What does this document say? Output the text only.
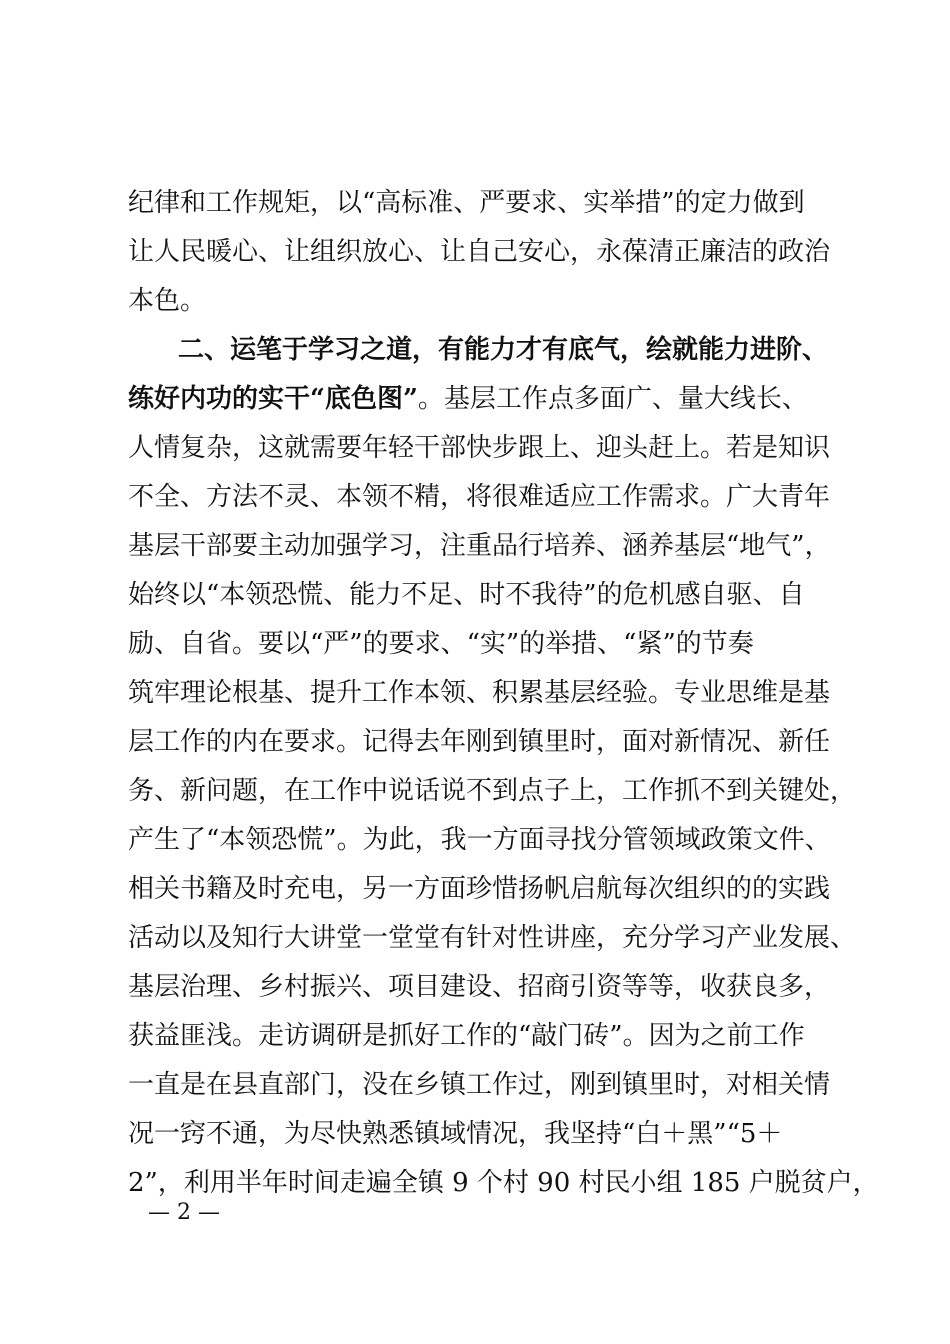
纪律和工作规矩，以“高标准、严要求、实举措”的定力做到
让人民暖心、让组织放心、让自己安心，永葆清正廉洁的政治
本色。
二、运笔于学习之道，有能力才有底气，绘就能力进阶、
练好内功的实干“底色图”。基层工作点多面广、量大线长、
人情复杂，这就需要年轻干部快步跟上、迎头赶上。若是知识
不全、方法不灵、本领不精，将很难适应工作需求。广大青年
基层干部要主动加强学习，注重品行培养、涵养基层“地气”，
始终以“本领恐慌、能力不足、时不我待”的危机感自驱、自
励、自省。要以“严”的要求、“实”的举措、“紧”的节奏
筑牢理论根基、提升工作本领、积累基层经验。专业思维是基
层工作的内在要求。记得去年刚到镇里时，面对新情况、新任
务、新问题，在工作中说话说不到点子上，工作抓不到关键处，
产生了“本领恐慌”。为此，我一方面寻找分管领域政策文件、
相关书籍及时充电，另一方面珍惜扬帆启航每次组织的的实践
活动以及知行大讲堂一堂堂有针对性讲座，充分学习产业发展、
基层治理、乡村振兴、项目建设、招商引资等等，收获良多，
获益匪浅。走访调研是抓好工作的“敲门砖”。因为之前工作
一直是在县直部门，没在乡镇工作过，刚到镇里时，对相关情
况一窍不通，为尽快熟悉镇域情况，我坚持“白＋黑”“5＋
2”，利用半年时间走遍全镇 9 个村 90 村民小组 185 户脱贫户，
— 2 —
